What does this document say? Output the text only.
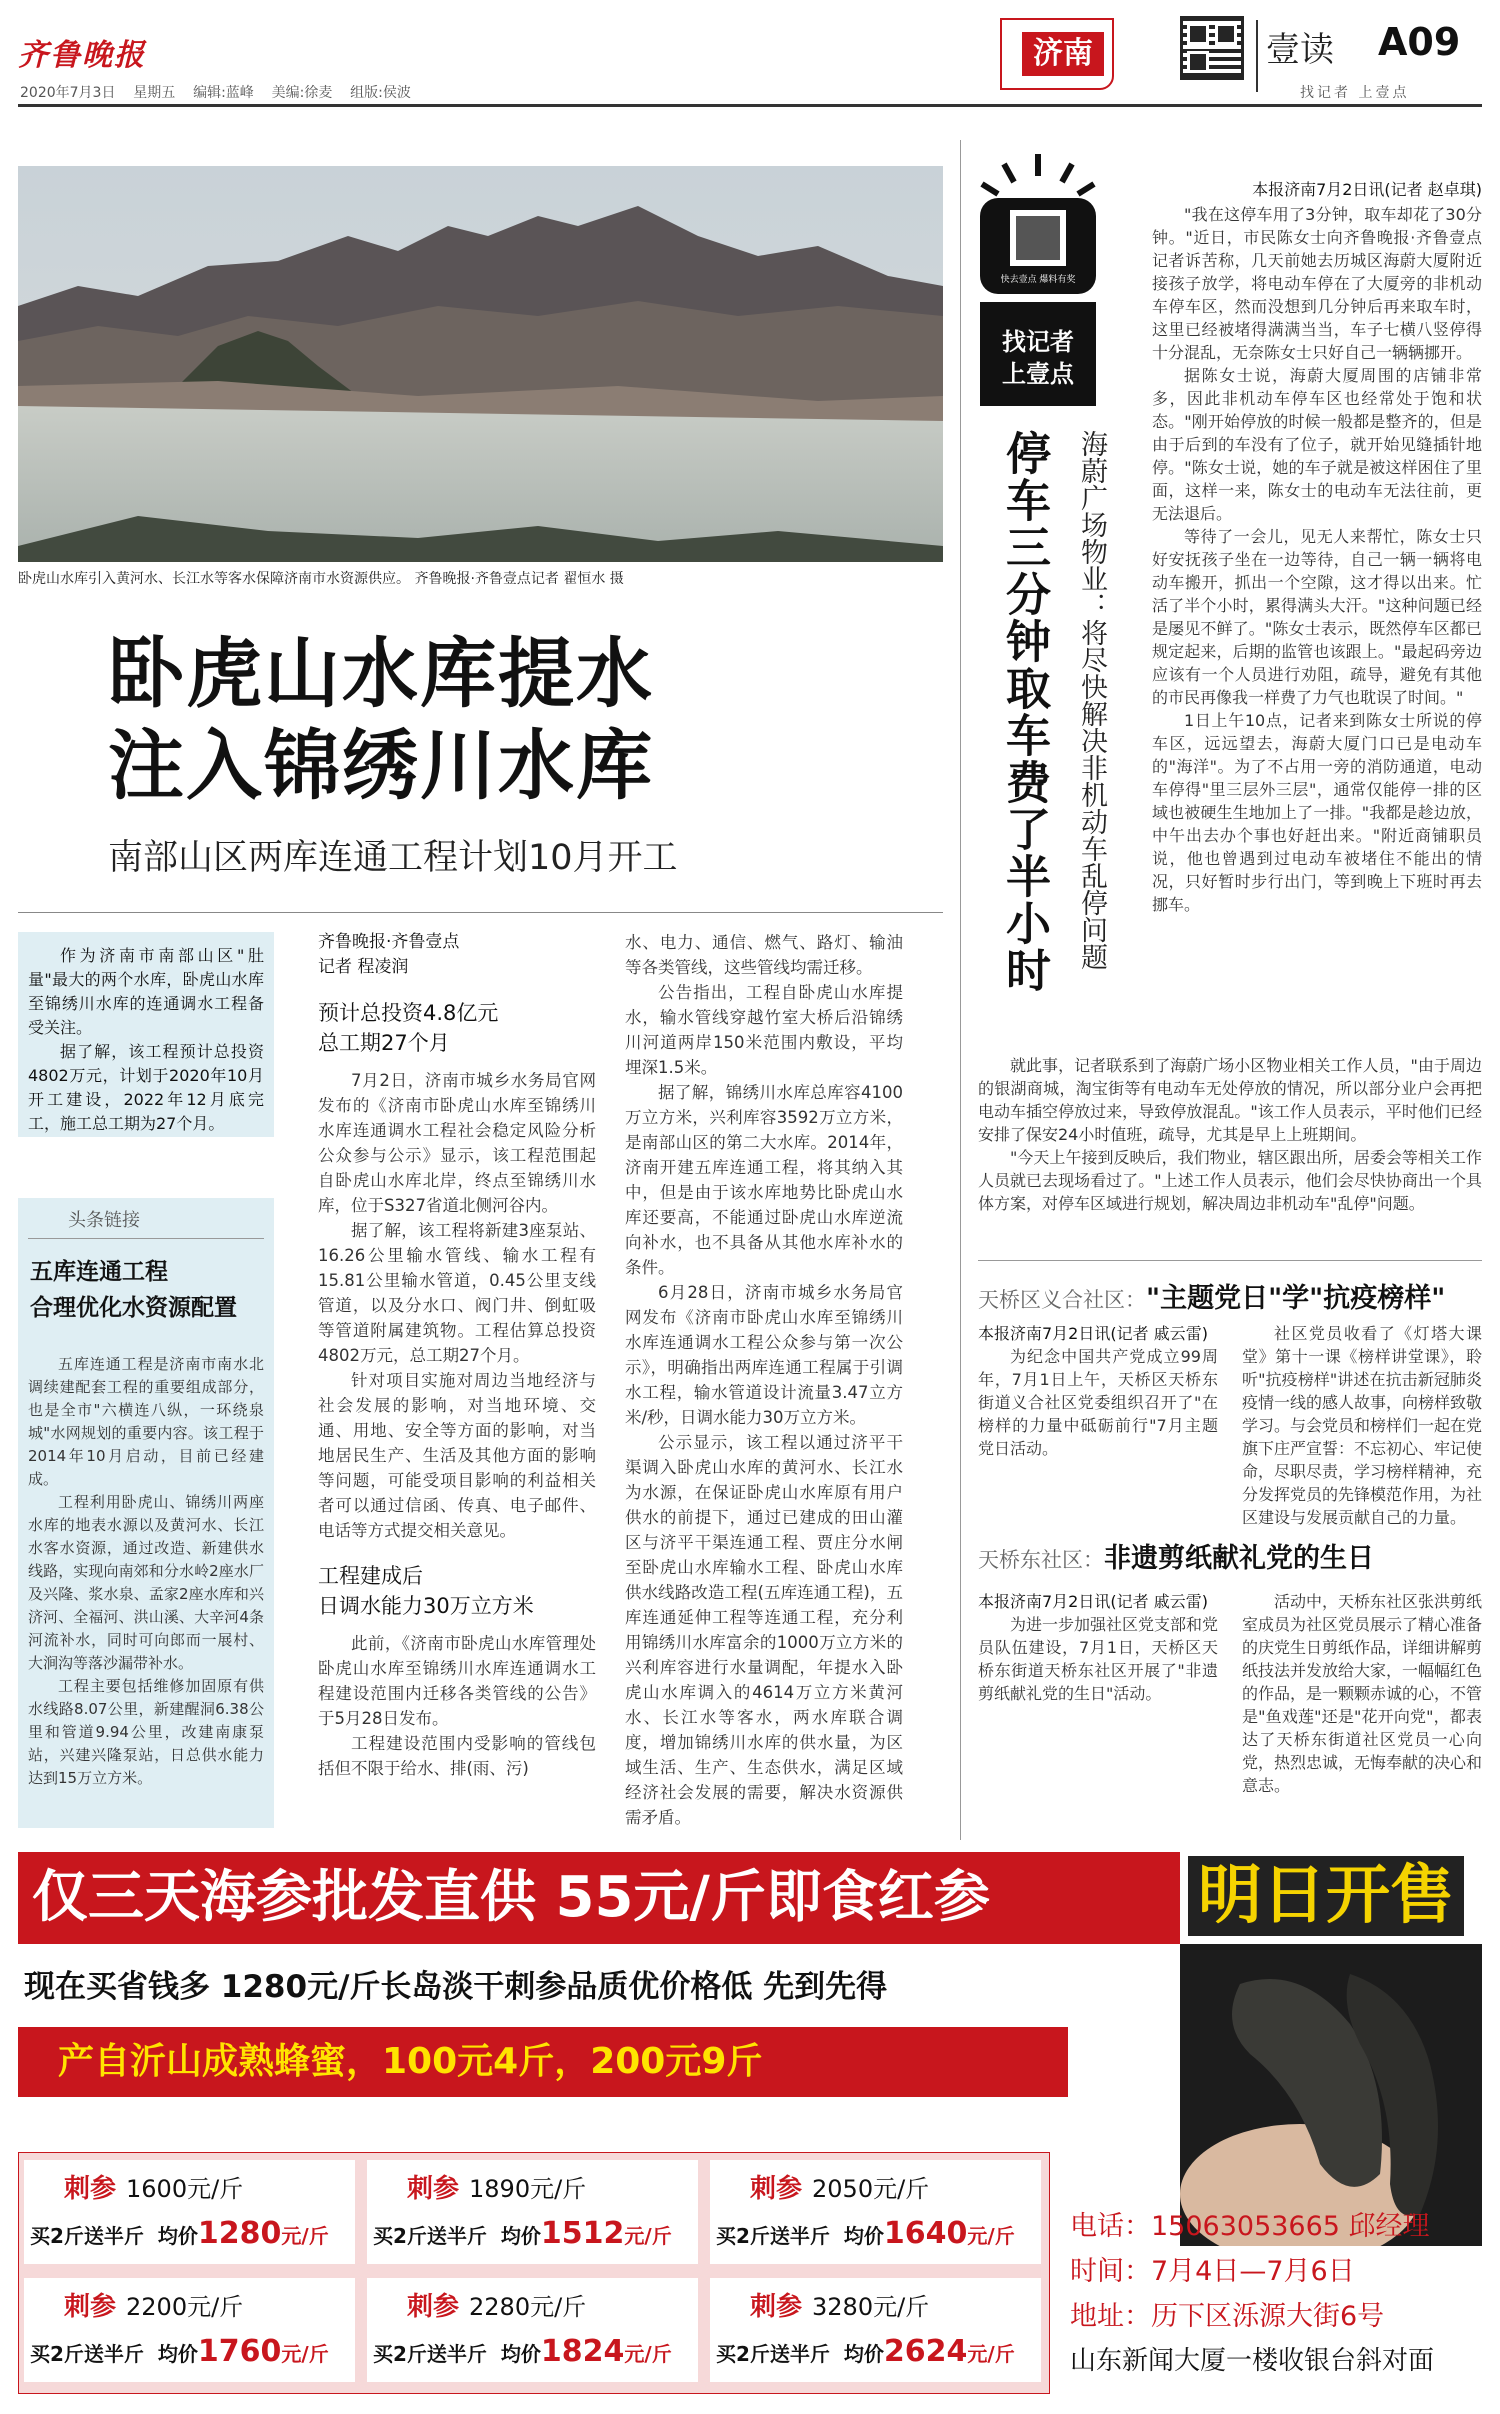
齐鲁晚报
2020年7月3日 星期五 编辑:蓝峰 美编:徐麦 组版:侯波
济南	壹读 A09
找记者 上壹点
卧虎山水库引入黄河水、长江水等客水保障济南市水资源供应。 齐鲁晚报·齐鲁壹点记者 翟恒水 摄
卧虎山水库提水
注入锦绣川水库
南部山区两库连通工程计划10月开工

作为济南市南部山区"肚量"最大的两个水库，卧虎山水库至锦绣川水库的连通调水工程备受关注。

据了解，该工程预计总投资4802万元，计划于2020年10月开工建设，2022年12月底完工，施工总工期为27个月。

头条链接
五库连通工程
合理优化水资源配置

五库连通工程是济南市南水北调续建配套工程的重要组成部分，也是全市"六横连八纵，一环绕泉城"水网规划的重要内容。该工程于2014年10月启动，目前已经建成。

工程利用卧虎山、锦绣川两座水库的地表水源以及黄河水、长江水客水资源，通过改造、新建供水线路，实现向南郊和分水岭2座水厂及兴隆、浆水泉、孟家2座水库和兴济河、全福河、洪山溪、大辛河4条河流补水，同时可向郎而一展村、大涧沟等落沙漏带补水。

工程主要包括维修加固原有供水线路8.07公里，新建醒洞6.38公里和管道9.94公里，改建南康泵站，兴建兴隆泵站，日总供水能力达到15万立方米。

齐鲁晚报·齐鲁壹点
记者 程凌润
预计总投资4.8亿元
总工期27个月

7月2日，济南市城乡水务局官网发布的《济南市卧虎山水库至锦绣川水库连通调水工程社会稳定风险分析公众参与公示》显示，该工程范围起自卧虎山水库北岸，终点至锦绣川水库，位于S327省道北侧河谷内。

据了解，该工程将新建3座泵站、16.26公里输水管线、输水工程有15.81公里输水管道，0.45公里支线管道，以及分水口、阀门井、倒虹吸等管道附属建筑物。工程估算总投资4802万元，总工期27个月。

针对项目实施对周边当地经济与社会发展的影响，对当地环境、交通、用地、安全等方面的影响，对当地居民生产、生活及其他方面的影响等问题，可能受项目影响的利益相关者可以通过信函、传真、电子邮件、电话等方式提交相关意见。

工程建成后
日调水能力30万立方米

此前，《济南市卧虎山水库管理处卧虎山水库至锦绣川水库连通调水工程建设范围内迁移各类管线的公告》于5月28日发布。

工程建设范围内受影响的管线包括但不限于给水、排(雨、污)

水、电力、通信、燃气、路灯、输油等各类管线，这些管线均需迁移。

公告指出，工程自卧虎山水库提水，输水管线穿越竹室大桥后沿锦绣川河道两岸150米范围内敷设，平均埋深1.5米。

据了解，锦绣川水库总库容4100万立方米，兴利库容3592万立方米，是南部山区的第二大水库。2014年，济南开建五库连通工程，将其纳入其中，但是由于该水库地势比卧虎山水库还要高，不能通过卧虎山水库逆流向补水，也不具备从其他水库补水的条件。

6月28日，济南市城乡水务局官网发布《济南市卧虎山水库至锦绣川水库连通调水工程公众参与第一次公示》，明确指出两库连通工程属于引调水工程，输水管道设计流量3.47立方米/秒，日调水能力30万立方米。

公示显示，该工程以通过济平干渠调入卧虎山水库的黄河水、长江水为水源，在保证卧虎山水库原有用户供水的前提下，通过已建成的田山灌区与济平干渠连通工程、贾庄分水闸至卧虎山水库输水工程、卧虎山水库供水线路改造工程(五库连通工程)，五库连通延伸工程等连通工程，充分利用锦绣川水库富余的1000万立方米的兴利库容进行水量调配，年提水入卧虎山水库调入的4614万立方米黄河水、长江水等客水，两水库联合调度，增加锦绣川水库的供水量，为区域生活、生产、生态供水，满足区域经济社会发展的需要，解决水资源供需矛盾。

快去壹点 爆料有奖
找记者 上壹点
停车三分钟取车费了半小时 海蔚广场物业：将尽快解决非机动车乱停问题
本报济南7月2日讯(记者 赵卓琪)

"我在这停车用了3分钟，取车却花了30分钟。"近日，市民陈女士向齐鲁晚报·齐鲁壹点记者诉苦称，几天前她去历城区海蔚大厦附近接孩子放学，将电动车停在了大厦旁的非机动车停车区，然而没想到几分钟后再来取车时，这里已经被堵得满满当当，车子七横八竖停得十分混乱，无奈陈女士只好自己一辆辆挪开。

据陈女士说，海蔚大厦周围的店铺非常多，因此非机动车停车区也经常处于饱和状态。"刚开始停放的时候一般都是整齐的，但是由于后到的车没有了位子，就开始见缝插针地停。"陈女士说，她的车子就是被这样困住了里面，这样一来，陈女士的电动车无法往前，更无法退后。

等待了一会儿，见无人来帮忙，陈女士只好安抚孩子坐在一边等待，自己一辆一辆将电动车搬开，抓出一个空隙，这才得以出来。忙活了半个小时，累得满头大汗。"这种问题已经是屡见不鲜了。"陈女士表示，既然停车区都已规定起来，后期的监管也该跟上。"最起码旁边应该有一个人员进行劝阻，疏导，避免有其他的市民再像我一样费了力气也耽误了时间。"

1日上午10点，记者来到陈女士所说的停车区，远远望去，海蔚大厦门口已是电动车的"海洋"。为了不占用一旁的消防通道，电动车停得"里三层外三层"，通常仅能停一排的区域也被硬生生地加上了一排。"我都是趁边放，中午出去办个事也好赶出来。"附近商铺职员说，他也曾遇到过电动车被堵住不能出的情况，只好暂时步行出门，等到晚上下班时再去挪车。

就此事，记者联系到了海蔚广场小区物业相关工作人员，"由于周边的银湖商城，淘宝街等有电动车无处停放的情况，所以部分业户会再把电动车插空停放过来，导致停放混乱。"该工作人员表示，平时他们已经安排了保安24小时值班，疏导，尤其是早上上班期间。

"今天上午接到反映后，我们物业，辖区跟出所，居委会等相关工作人员就已去现场看过了。"上述工作人员表示，他们会尽快协商出一个具体方案，对停车区域进行规划，解决周边非机动车"乱停"问题。

天桥区义合社区："主题党日"学"抗疫榜样"
本报济南7月2日讯(记者 戚云雷)

为纪念中国共产党成立99周年，7月1日上午，天桥区天桥东街道义合社区党委组织召开了"在榜样的力量中砥砺前行"7月主题党日活动。

社区党员收看了《灯塔大课堂》第十一课《榜样讲堂课》，聆听"抗疫榜样"讲述在抗击新冠肺炎疫情一线的感人故事，向榜样致敬学习。与会党员和榜样们一起在党旗下庄严宣誓：不忘初心、牢记使命，尽职尽责，学习榜样精神，充分发挥党员的先锋模范作用，为社区建设与发展贡献自己的力量。

天桥东社区：非遗剪纸献礼党的生日
本报济南7月2日讯(记者 戚云雷)

为进一步加强社区党支部和党员队伍建设，7月1日，天桥区天桥东街道天桥东社区开展了"非遗剪纸献礼党的生日"活动。

活动中，天桥东社区张洪剪纸室成员为社区党员展示了精心准备的庆党生日剪纸作品，详细讲解剪纸技法并发放给大家，一幅幅红色的作品，是一颗颗赤诚的心，不管是"鱼戏莲"还是"花开向党"，都表达了天桥东街道社区党员一心向党，热烈忠诚，无悔奉献的决心和意志。

仅三天海参批发直供 55元/斤即食红参	明日开售
现在买省钱多 1280元/斤长岛淡干刺参品质优价格低 先到先得
产自沂山成熟蜂蜜，100元4斤，200元9斤
电话：15063053665 邱经理
时间：7月4日—7月6日
地址：历下区泺源大街6号
山东新闻大厦一楼收银台斜对面
刺参 1600元/斤
买2斤送半斤 均价1280元/斤
刺参 1890元/斤
买2斤送半斤 均价1512元/斤
刺参 2050元/斤
买2斤送半斤 均价1640元/斤
刺参 2200元/斤
买2斤送半斤 均价1760元/斤
刺参 2280元/斤
买2斤送半斤 均价1824元/斤
刺参 3280元/斤
买2斤送半斤 均价2624元/斤
